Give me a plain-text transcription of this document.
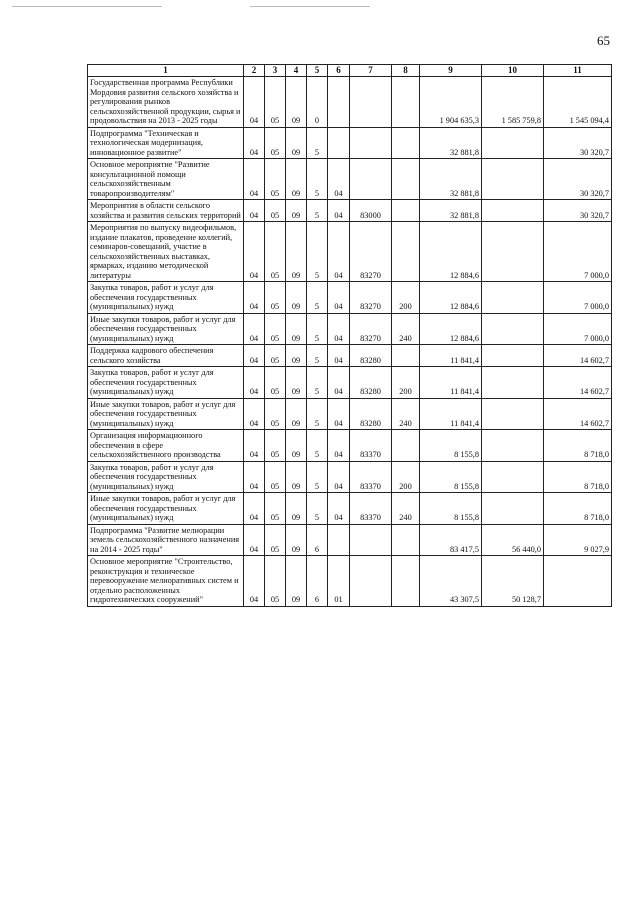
65
1	2	3	4	5	6	7	8	9	10	11
Государственная программа Республики Мордовия развития сельского хозяйства и регулирования рынков сельскохозяйственной продукции, сырья и продовольствия на 2013 - 2025 годы	04	05	09	0				1 904 635,3	1 585 759,8	1 545 094,4
Подпрограмма "Техническая и технологическая модернизация, инновационное развитие"	04	05	09	5				32 881,8		30 320,7
Основное мероприятие "Развитие консультационной помощи сельскохозяйственным товаропроизводителям"	04	05	09	5	04			32 881,8		30 320,7
Мероприятия в области сельского хозяйства и развития сельских территорий	04	05	09	5	04	83000		32 881,8		30 320,7
Мероприятия по выпуску видеофильмов, издание плакатов, проведение коллегий, семинаров-совещаний, участие в сельскохозяйственных выставках, ярмарках, изданию методической литературы	04	05	09	5	04	83270		12 884,6		7 000,0
Закупка товаров, работ и услуг для обеспечения государственных (муниципальных) нужд	04	05	09	5	04	83270	200	12 884,6		7 000,0
Иные закупки товаров, работ и услуг для обеспечения государственных (муниципальных) нужд	04	05	09	5	04	83270	240	12 884,6		7 000,0
Поддержка кадрового обеспечения сельского хозяйства	04	05	09	5	04	83280		11 841,4		14 602,7
Закупка товаров, работ и услуг для обеспечения государственных (муниципальных) нужд	04	05	09	5	04	83280	200	11 841,4		14 602,7
Иные закупки товаров, работ и услуг для обеспечения государственных (муниципальных) нужд	04	05	09	5	04	83280	240	11 841,4		14 602,7
Организация информационного обеспечения в сфере сельскохозяйственного производства	04	05	09	5	04	83370		8 155,8		8 718,0
Закупка товаров, работ и услуг для обеспечения государственных (муниципальных) нужд	04	05	09	5	04	83370	200	8 155,8		8 718,0
Иные закупки товаров, работ и услуг для обеспечения государственных (муниципальных) нужд	04	05	09	5	04	83370	240	8 155,8		8 718,0
Подпрограмма "Развитие мелиорации земель сельскохозяйственного назначения на 2014 - 2025 годы"	04	05	09	6				83 417,5	56 440,0	9 027,9
Основное мероприятие "Строительство, реконструкция и техническое перевооружение мелиоративных систем и отдельно расположенных гидротехнических сооружений"	04	05	09	6	01			43 307,5	50 128,7	
